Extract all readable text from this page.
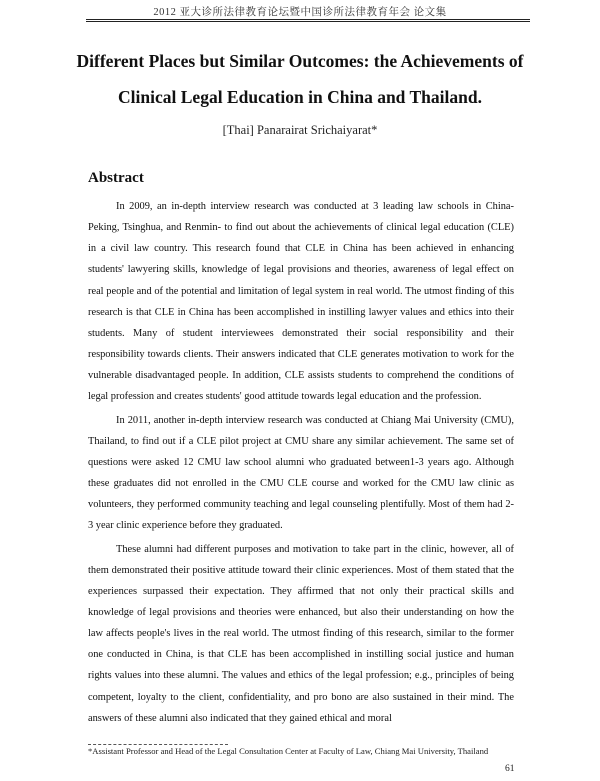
2012 亚大诊所法律教育论坛暨中国诊所法律教育年会 论文集
Different Places but Similar Outcomes: the Achievements of
Clinical Legal Education in China and Thailand.
[Thai] Panarairat Srichaiyarat*
Abstract

In 2009, an in-depth interview research was conducted at 3 leading law schools in China- Peking, Tsinghua, and Renmin- to find out about the achievements of clinical legal education (CLE) in a civil law country. This research found that CLE in China has been achieved in enhancing students' lawyering skills, knowledge of legal provisions and theories, awareness of legal effect on real people and of the potential and limitation of legal system in real world. The utmost finding of this research is that CLE in China has been accomplished in instilling lawyer values and ethics into their students. Many of student interviewees demonstrated their social responsibility and their responsibility towards clients. Their answers indicated that CLE generates motivation to work for the vulnerable disadvantaged people. In addition, CLE assists students to comprehend the conditions of legal profession and creates students' good attitude towards legal education and the profession.

In 2011, another in-depth interview research was conducted at Chiang Mai University (CMU), Thailand, to find out if a CLE pilot project at CMU share any similar achievement. The same set of questions were asked 12 CMU law school alumni who graduated between1-3 years ago. Although these graduates did not enrolled in the CMU CLE course and worked for the CMU law clinic as volunteers, they performed community teaching and legal counseling plentifully. Most of them had 2-3 year clinic experience before they graduated.

These alumni had different purposes and motivation to take part in the clinic, however, all of them demonstrated their positive attitude toward their clinic experiences. Most of them stated that the experiences surpassed their expectation. They affirmed that not only their practical skills and knowledge of legal provisions and theories were enhanced, but also their understanding on how the law affects people's lives in the real world. The utmost finding of this research, similar to the former one conducted in China, is that CLE has been accomplished in instilling social justice and human rights values into these alumni. The values and ethics of the legal profession; e.g., principles of being competent, loyalty to the client, confidentiality, and pro bono are also sustained in their mind. The answers of these alumni also indicated that they gained ethical and moral

*Assistant Professor and Head of the Legal Consultation Center at Faculty of Law, Chiang Mai University, Thailand
61
